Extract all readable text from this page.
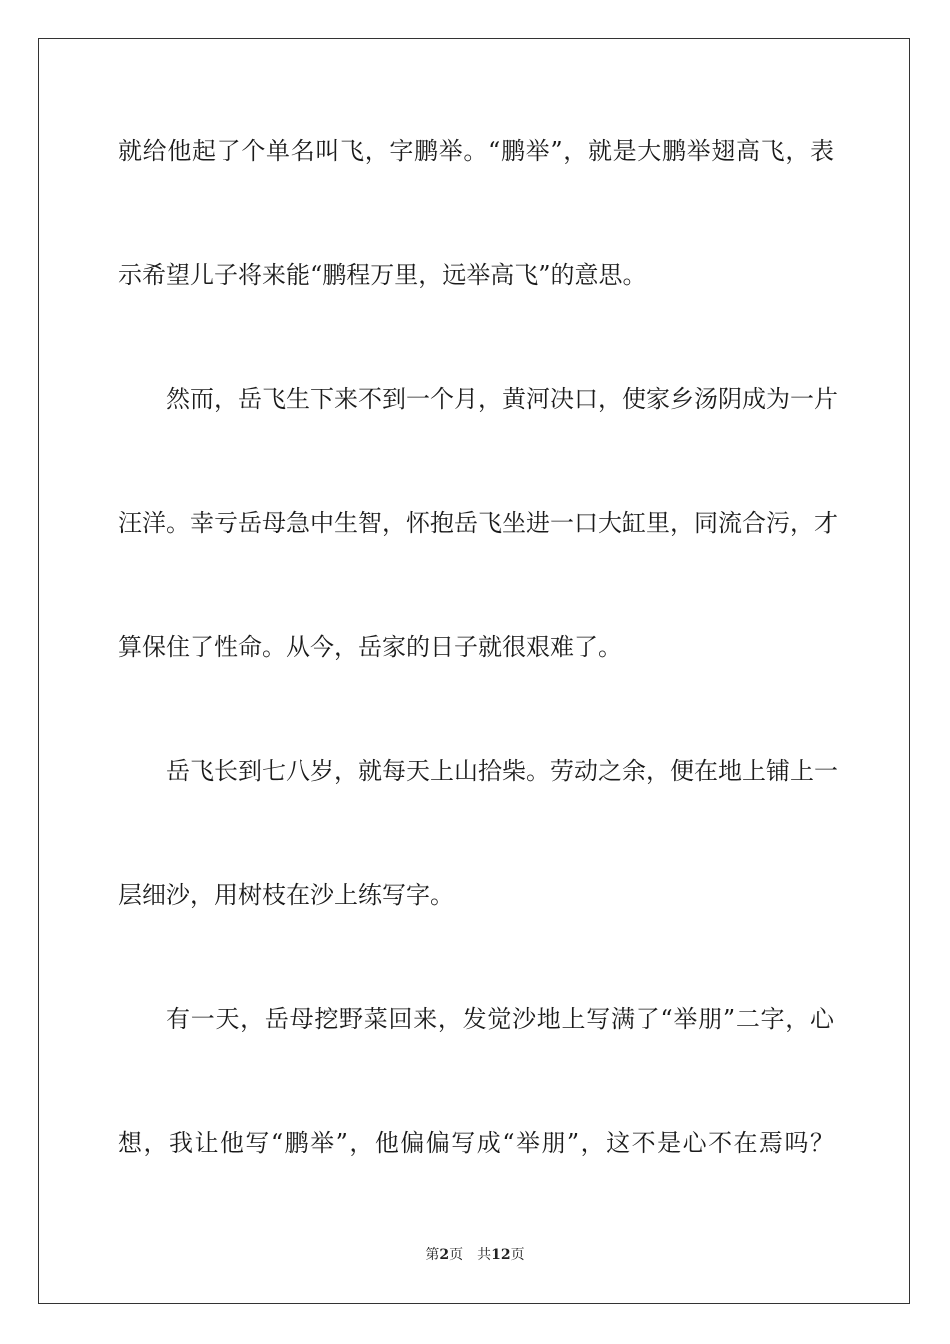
就给他起了个单名叫飞，字鹏举。“鹏举”，就是大鹏举翅高飞，表
示希望儿子将来能“鹏程万里，远举高飞”的意思。
然而，岳飞生下来不到一个月，黄河决口，使家乡汤阴成为一片
汪洋。幸亏岳母急中生智，怀抱岳飞坐进一口大缸里，同流合污，才
算保住了性命。从今，岳家的日子就很艰难了。
岳飞长到七八岁，就每天上山拾柴。劳动之余，便在地上铺上一
层细沙，用树枝在沙上练写字。
有一天，岳母挖野菜回来，发觉沙地上写满了“举朋”二字，心
想，我让他写“鹏举”，他偏偏写成“举朋”，这不是心不在焉吗？
第2页 共12页
